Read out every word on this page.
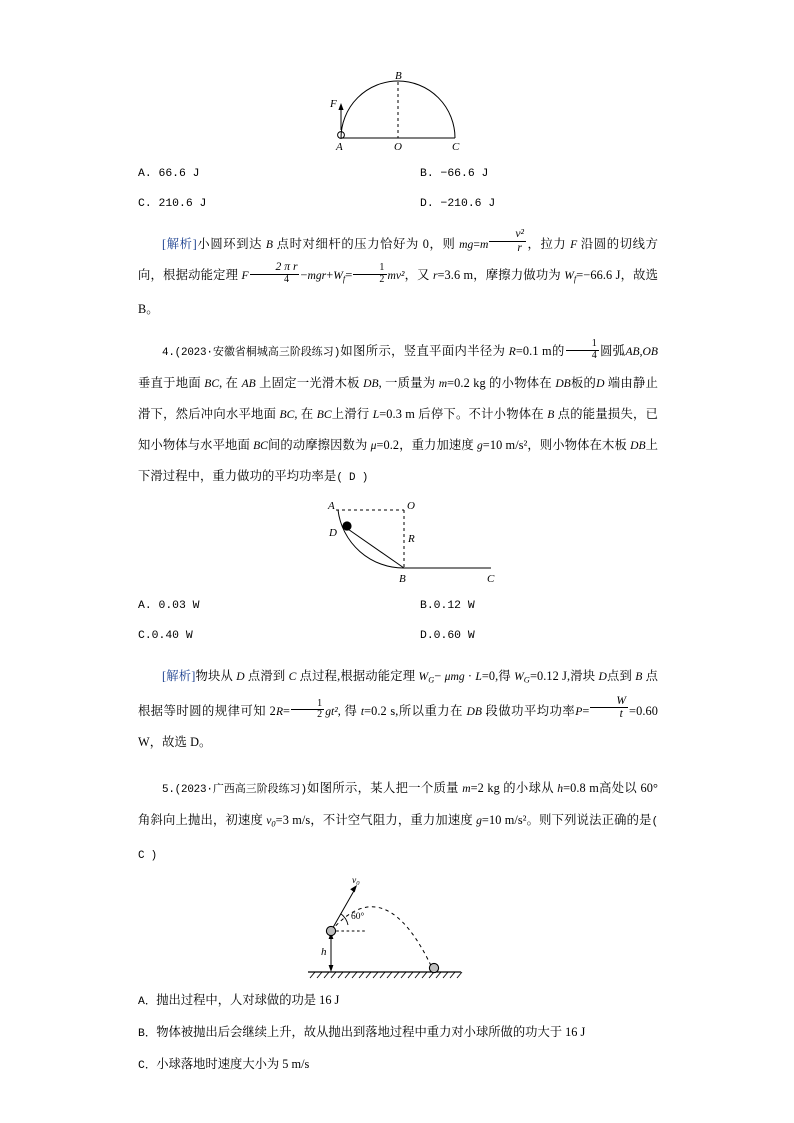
B
F
A	O	C
A. 66.6 J	B. −66.6 J
C. 210.6 J	D. −210.6 J

[解析]小圆环到达 B 点时对细杆的压力恰好为 0，则 $mg=m \frac{\text{v²}}{r}$ ，拉力 F 沿圆的切线方向，根据动能定理 F $\frac{\text{2 π r}}{4} -mgr+W_f= \frac{1}{2} mv^2$，又 r=3.6 m，摩擦力做功为 $W_f=-66.6$ J，故选 B。

4.(2023·安徽省桐城高三阶段练习)如图所示，竖直平面内半径为 R=0.1 m的 $\frac{1}{4}$ 圆弧AB,OB垂直于地面 BC, 在 AB 上固定一光滑木板 DB, 一质量为 m=0.2 kg 的小物体在 DB板的D 端由静止滑下，然后冲向水平地面 BC, 在 BC上滑行 L=0.3 m 后停下。不计小物体在 B 点的能量损失，已知小物体与水平地面 BC间的动摩擦因数为 μ=0.2，重力加速度 g=10 m/s²，则小物体在木板 DB上下滑过程中，重力做功的平均功率是( D )

A	O
D	R
B	C
A. 0.03 W	B.0.12 W
C.0.40 W	D.0.60 W

[解析]物块从 D 点滑到 C 点过程,根据动能定理 $W_G- \mu mg \cdot L=0$,得 $W_G=0.12$ J,滑块 D点到 B 点根据等时圆的规律可知 $2R= \frac{1}{2} gt^2$, 得 t=0.2 s,所以重力在 DB 段做功平均功率$P= \frac{W}{t} =0.60$ W，故选 D。

5.(2023·广西高三阶段练习)如图所示，某人把一个质量 m=2 kg 的小球从 h=0.8 m高处以 60° 角斜向上抛出，初速度 $v_0=3$ m/s，不计空气阻力，重力加速度 g=10 m/s²。则下列说法正确的是( C )

$v_0$
60°
h
A．抛出过程中，人对球做的功是 16 J
B．物体被抛出后会继续上升，故从抛出到落地过程中重力对小球所做的功大于 16 J
C．小球落地时速度大小为 5 m/s
